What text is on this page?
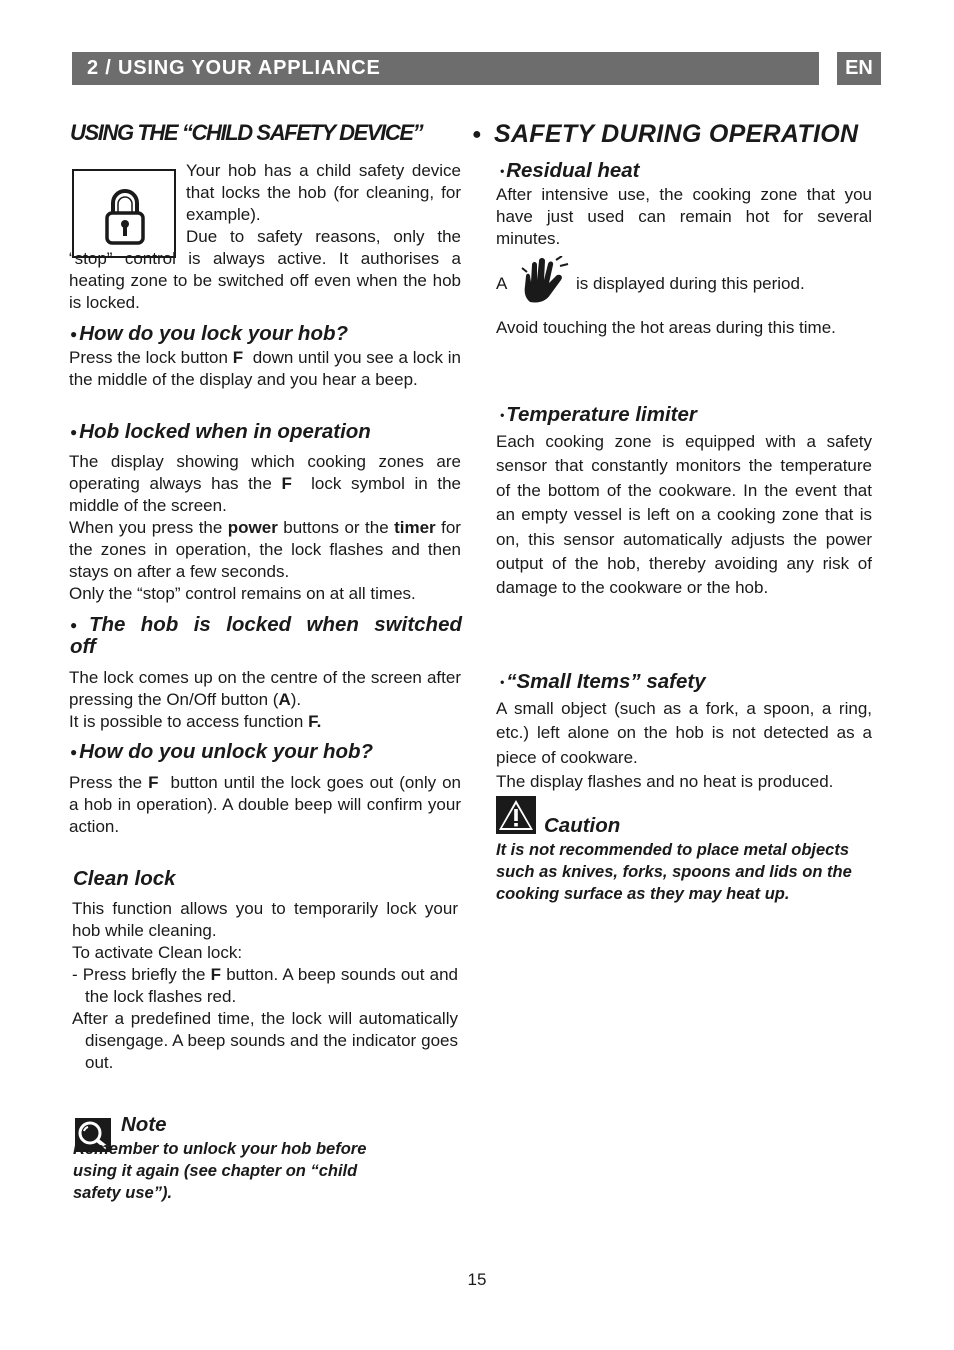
2 / USING YOUR APPLIANCE	EN
USING THE “CHILD SAFETY DEVICE”

Your hob has a child safety device that locks the hob (for cleaning, for example).

Due to safety reasons, only the “stop” control is always active. It authorises a heating zone to be switched off even when the hob is locked.

●How do you lock your hob?

Press the lock button F down until you see a lock in the middle of the display and you hear a beep.

●Hob locked when in operation

The display showing which cooking zones are operating always has the F lock symbol in the middle of the screen.

When you press the power buttons or the timer for the zones in operation, the lock flashes and then stays on after a few seconds.

Only the “stop” control remains on at all times.

●The hob is locked when switched
off

The lock comes up on the centre of the screen after pressing the On/Off button (A).

It is possible to access function F.

●How do you unlock your hob?

Press the F button until the lock goes out (only on a hob in operation). A double beep will confirm your action.

Clean lock

This function allows you to temporarily lock your hob while cleaning.

To activate Clean lock:

- Press briefly the F button. A beep sounds out and the lock flashes red.

After a predefined time, the lock will automatically disengage. A beep sounds and the indicator goes out.

Note
Remember to unlock your hob before using it again (see chapter on “child safety use”).
● SAFETY DURING OPERATION
•Residual heat

After intensive use, the cooking zone that you have just used can remain hot for several minutes.

A	is displayed during this period.

Avoid touching the hot areas during this time.

•Temperature limiter

Each cooking zone is equipped with a safety sensor that constantly monitors the temperature of the bottom of the cookware. In the event that an empty vessel is left on a cooking zone that is on, this sensor automatically adjusts the power output of the hob, thereby avoiding any risk of damage to the cookware or the hob.

•“Small Items” safety

A small object (such as a fork, a spoon, a ring, etc.) left alone on the hob is not detected as a piece of cookware.

The display flashes and no heat is produced.

Caution
It is not recommended to place metal objects such as knives, forks, spoons and lids on the cooking surface as they may heat up.
15
